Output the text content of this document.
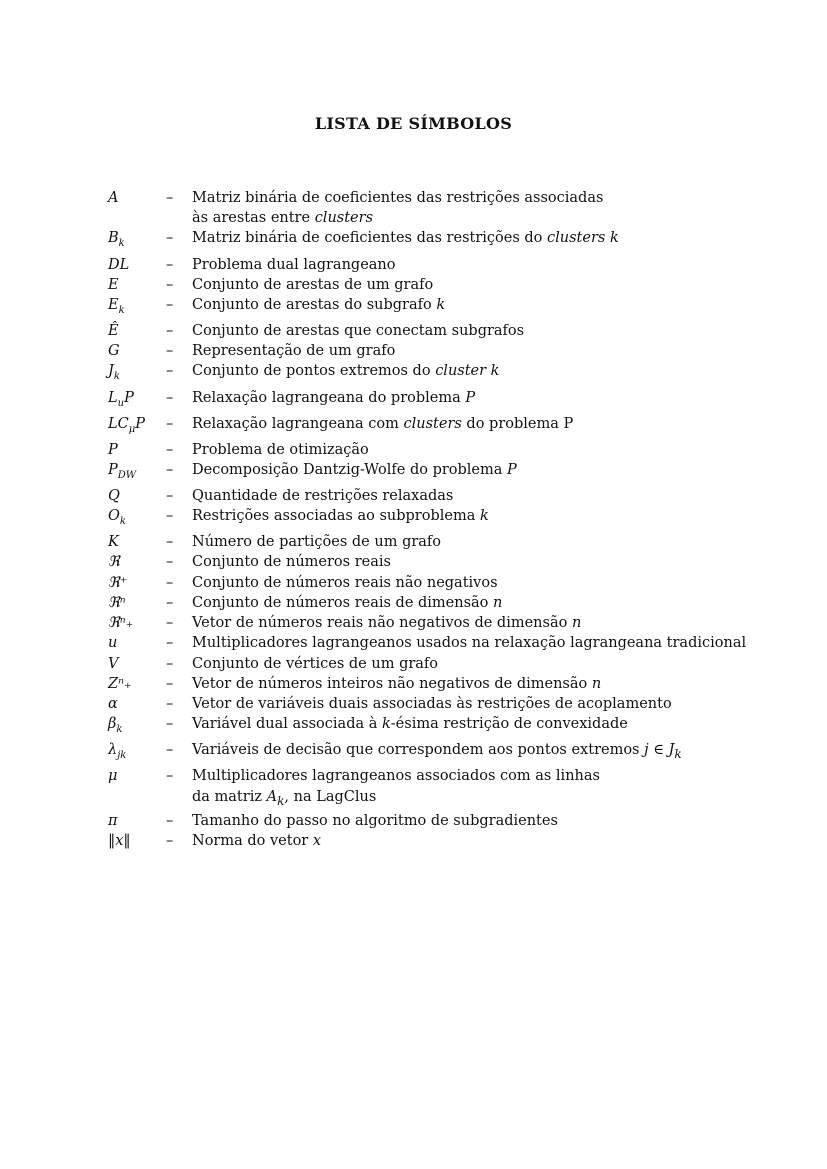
LISTA DE SÍMBOLOS
A	–	Matriz binária de coeficientes das restrições associadas
às arestas entre clusters
$B_k$	–	Matriz binária de coeficientes das restrições do clusters k
DL	–	Problema dual lagrangeano
E	–	Conjunto de arestas de um grafo
$E_k$	–	Conjunto de arestas do subgrafo k
Ê	–	Conjunto de arestas que conectam subgrafos
G	–	Representação de um grafo
$J_k$	–	Conjunto de pontos extremos do cluster k
$L_uP$	–	Relaxação lagrangeana do problema P
$LC_\mu P$	–	Relaxação lagrangeana com clusters do problema P
P	–	Problema de otimização
$P_{DW}$	–	Decomposição Dantzig-Wolfe do problema P
Q	–	Quantidade de restrições relaxadas
$O_k$	–	Restrições associadas ao subproblema k
K	–	Número de partições de um grafo
ℜ	–	Conjunto de números reais
ℜ⁺	–	Conjunto de números reais não negativos
ℜⁿ	–	Conjunto de números reais de dimensão n
ℜⁿ₊	–	Vetor de números reais não negativos de dimensão n
u	–	Multiplicadores lagrangeanos usados na relaxação lagrangeana tradicional
V	–	Conjunto de vértices de um grafo
Zⁿ₊	–	Vetor de números inteiros não negativos de dimensão n
α	–	Vetor de variáveis duais associadas às restrições de acoplamento
$\beta_k$	–	Variável dual associada à k-ésima restrição de convexidade
$\lambda_{jk}$	–	Variáveis de decisão que correspondem aos pontos extremos j ∈ $J_k$
μ	–	Multiplicadores lagrangeanos associados com as linhas
da matriz $A_k$, na LagClus
π	–	Tamanho do passo no algoritmo de subgradientes
‖x‖	–	Norma do vetor x
